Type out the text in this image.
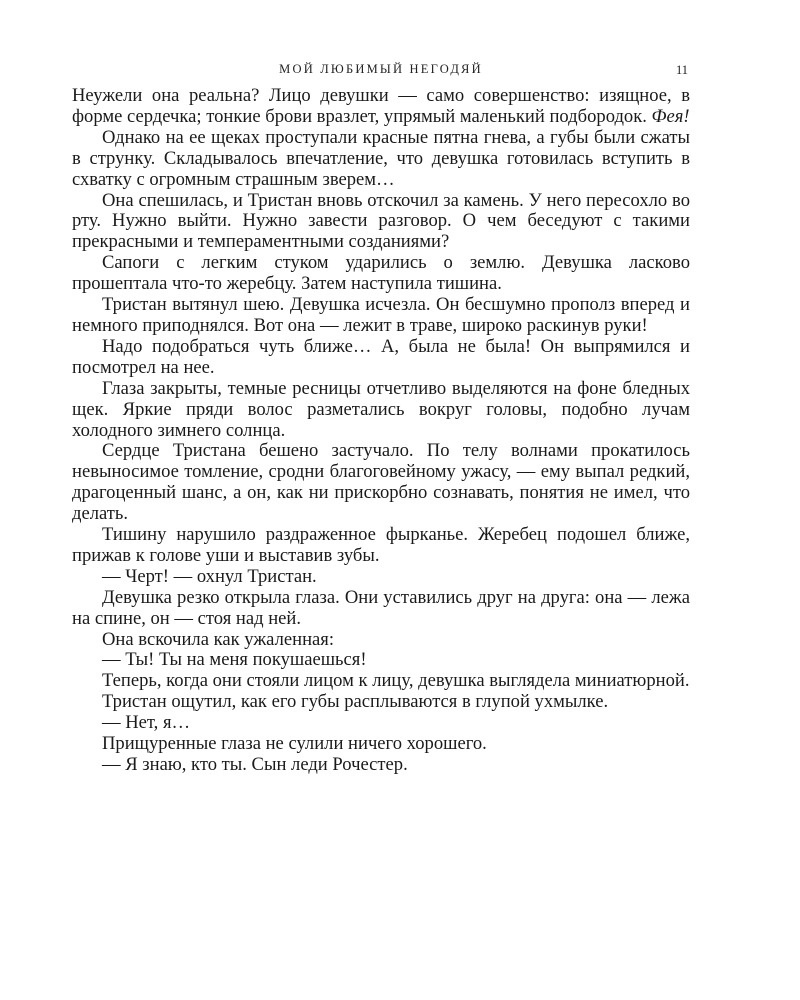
МОЙ ЛЮБИМЫЙ НЕГОДЯЙ	11

Неужели она реальна? Лицо девушки — само совершенство: изящное, в форме сердечка; тонкие брови вразлет, упрямый маленький подбородок. Фея!

Однако на ее щеках проступали красные пятна гнева, а губы были сжаты в струнку. Складывалось впечатление, что девушка готовилась вступить в схватку с огромным страшным зверем…

Она спешилась, и Тристан вновь отскочил за камень. У него пересохло во рту. Нужно выйти. Нужно завести разговор. О чем беседуют с такими прекрасными и темпераментными созданиями?

Сапоги с легким стуком ударились о землю. Девушка ласково прошептала что-то жеребцу. Затем наступила тишина.

Тристан вытянул шею. Девушка исчезла. Он бесшумно прополз вперед и немного приподнялся. Вот она — лежит в траве, широко раскинув руки!

Надо подобраться чуть ближе… А, была не была! Он выпрямился и посмотрел на нее.

Глаза закрыты, темные ресницы отчетливо выделяются на фоне бледных щек. Яркие пряди волос разметались вокруг головы, подобно лучам холодного зимнего солнца.

Сердце Тристана бешено застучало. По телу волнами прокатилось невыносимое томление, сродни благоговейному ужасу, — ему выпал редкий, драгоценный шанс, а он, как ни прискорбно сознавать, понятия не имел, что делать.

Тишину нарушило раздраженное фырканье. Жеребец подошел ближе, прижав к голове уши и выставив зубы.

— Черт! — охнул Тристан.

Девушка резко открыла глаза. Они уставились друг на друга: она — лежа на спине, он — стоя над ней.

Она вскочила как ужаленная:

— Ты! Ты на меня покушаешься!

Теперь, когда они стояли лицом к лицу, девушка выглядела миниатюрной.

Тристан ощутил, как его губы расплываются в глупой ухмылке.

— Нет, я…

Прищуренные глаза не сулили ничего хорошего.

— Я знаю, кто ты. Сын леди Рочестер.
